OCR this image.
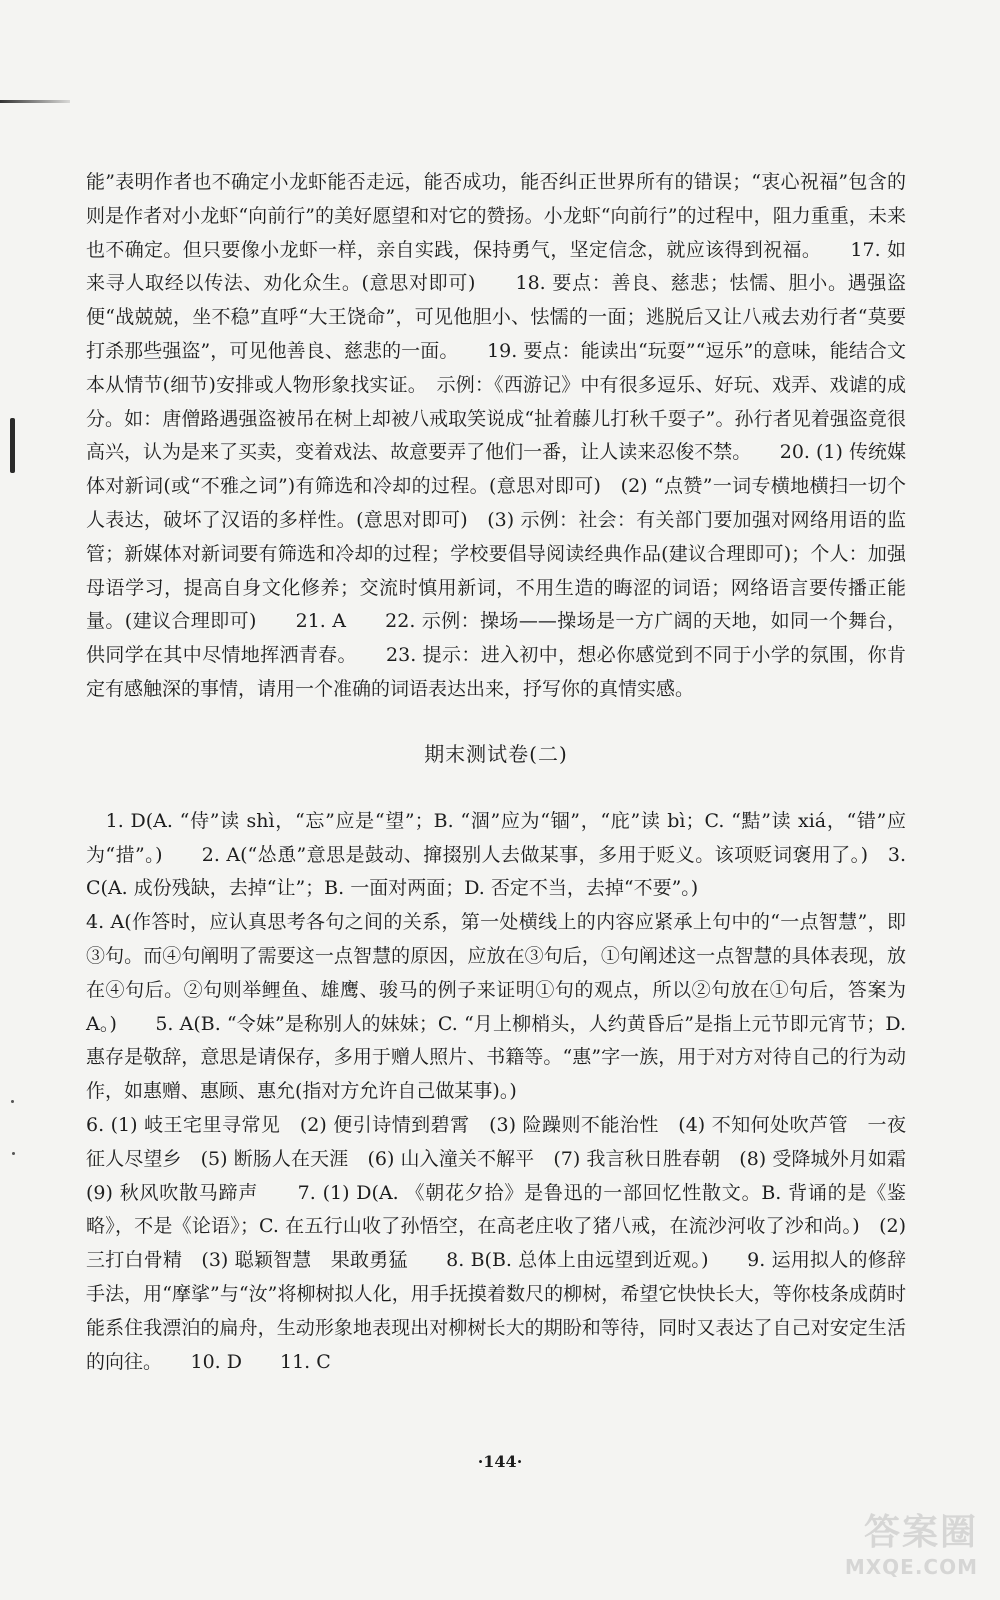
能”表明作者也不确定小龙虾能否走远，能否成功，能否纠正世界所有的错误；“衷心祝福”包含的则是作者对小龙虾“向前行”的美好愿望和对它的赞扬。小龙虾“向前行”的过程中，阻力重重，未来也不确定。但只要像小龙虾一样，亲自实践，保持勇气，坚定信念，就应该得到祝福。　　17. 如来寻人取经以传法、劝化众生。(意思对即可)　　18. 要点：善良、慈悲；怯懦、胆小。遇强盗便“战兢兢，坐不稳”直呼“大王饶命”，可见他胆小、怯懦的一面；逃脱后又让八戒去劝行者“莫要打杀那些强盗”，可见他善良、慈悲的一面。　　19. 要点：能读出“玩耍”“逗乐”的意味，能结合文本从情节(细节)安排或人物形象找实证。　示例：《西游记》中有很多逗乐、好玩、戏弄、戏谑的成分。如：唐僧路遇强盗被吊在树上却被八戒取笑说成“扯着藤儿打秋千耍子”。孙行者见着强盗竟很高兴，认为是来了买卖，变着戏法、故意要弄了他们一番，让人读来忍俊不禁。　　20. (1) 传统媒体对新词(或“不雅之词”)有筛选和冷却的过程。(意思对即可)　(2) “点赞”一词专横地横扫一切个人表达，破坏了汉语的多样性。(意思对即可)　(3) 示例：社会：有关部门要加强对网络用语的监管；新媒体对新词要有筛选和冷却的过程；学校要倡导阅读经典作品(建议合理即可)；个人：加强母语学习，提高自身文化修养；交流时慎用新词，不用生造的晦涩的词语；网络语言要传播正能量。(建议合理即可)　　21. A　　22. 示例：操场——操场是一方广阔的天地，如同一个舞台，供同学在其中尽情地挥洒青春。　　23. 提示：进入初中，想必你感觉到不同于小学的氛围，你肯定有感触深的事情，请用一个准确的词语表达出来，抒写你的真情实感。

期末测试卷(二)

　1. D(A. “侍”读 shì，“忘”应是“望”；B. “涸”应为“锢”，“庇”读 bì；C. “黠”读 xiá，“错”应为“措”。)　　2. A(“怂恿”意思是鼓动、撺掇别人去做某事，多用于贬义。该项贬词褒用了。)　3. C(A. 成份残缺，去掉“让”；B. 一面对两面；D. 否定不当，去掉“不要”。)

4. A(作答时，应认真思考各句之间的关系，第一处横线上的内容应紧承上句中的“一点智慧”，即③句。而④句阐明了需要这一点智慧的原因，应放在③句后，①句阐述这一点智慧的具体表现，放在④句后。②句则举鲤鱼、雄鹰、骏马的例子来证明①句的观点，所以②句放在①句后，答案为 A。)　　5. A(B. “令妹”是称别人的妹妹；C. “月上柳梢头，人约黄昏后”是指上元节即元宵节；D. 惠存是敬辞，意思是请保存，多用于赠人照片、书籍等。“惠”字一族，用于对方对待自己的行为动作，如惠赠、惠顾、惠允(指对方允许自己做某事)。)

6. (1) 岐王宅里寻常见　(2) 便引诗情到碧霄　(3) 险躁则不能治性　(4) 不知何处吹芦管　一夜征人尽望乡　(5) 断肠人在天涯　(6) 山入潼关不解平　(7) 我言秋日胜春朝　(8) 受降城外月如霜　(9) 秋风吹散马蹄声　　7. (1) D(A. 《朝花夕拾》是鲁迅的一部回忆性散文。B. 背诵的是《鉴略》，不是《论语》；C. 在五行山收了孙悟空，在高老庄收了猪八戒，在流沙河收了沙和尚。)　(2) 三打白骨精　(3) 聪颖智慧　果敢勇猛　　8. B(B. 总体上由远望到近观。)　　9. 运用拟人的修辞手法，用“摩挲”与“汝”将柳树拟人化，用手抚摸着数尺的柳树，希望它快快长大，等你枝条成荫时能系住我漂泊的扁舟，生动形象地表现出对柳树长大的期盼和等待，同时又表达了自己对安定生活的向往。　　10. D　　11. C

·144·
答案圈
MXQE.COM
